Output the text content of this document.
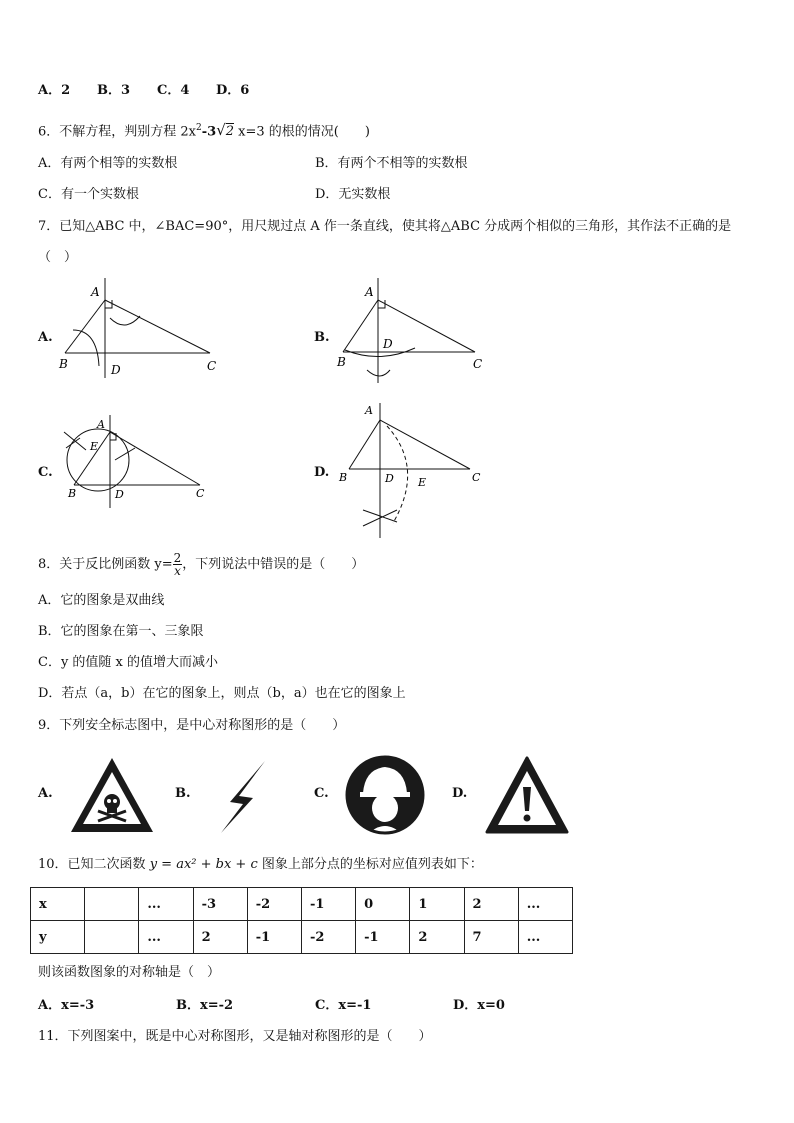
A．2 B．3 C．4 D．6
6．不解方程，判别方程 $2x^2-3√2$ x=3 的根的情况(　　)
A．有两个相等的实数根	B．有两个不相等的实数根
C．有一个实数根	D．无实数根
7．已知△ABC 中，∠BAC=90°，用尺规过点 A 作一条直线，使其将△ABC 分成两个相似的三角形，其作法不正确的是
（　）
A.	B.
C.	D.
A
B	D	C
A
B
D
C
A
E
B	D	C
A
B	D E	C
8．关于反比例函数 $y= \frac{2}{x}$ ，下列说法中错误的是（　　）
A．它的图象是双曲线
B．它的图象在第一、三象限
C．y 的值随 x 的值增大而减小
D．若点（a，b）在它的图象上，则点（b，a）也在它的图象上
9．下列安全标志图中，是中心对称图形的是（　　）
A.	B.	C.	D.
10．已知二次函数 y = ax² + bx + c 图象上部分点的坐标对应值列表如下：
x		...	-3	-2	-1	0	1	2	...
y		...	2	-1	-2	-1	2	7	...
则该函数图象的对称轴是（　）
A．x=-3	B．x=-2	C．x=-1	D．x=0
11．下列图案中，既是中心对称图形，又是轴对称图形的是（　　）
